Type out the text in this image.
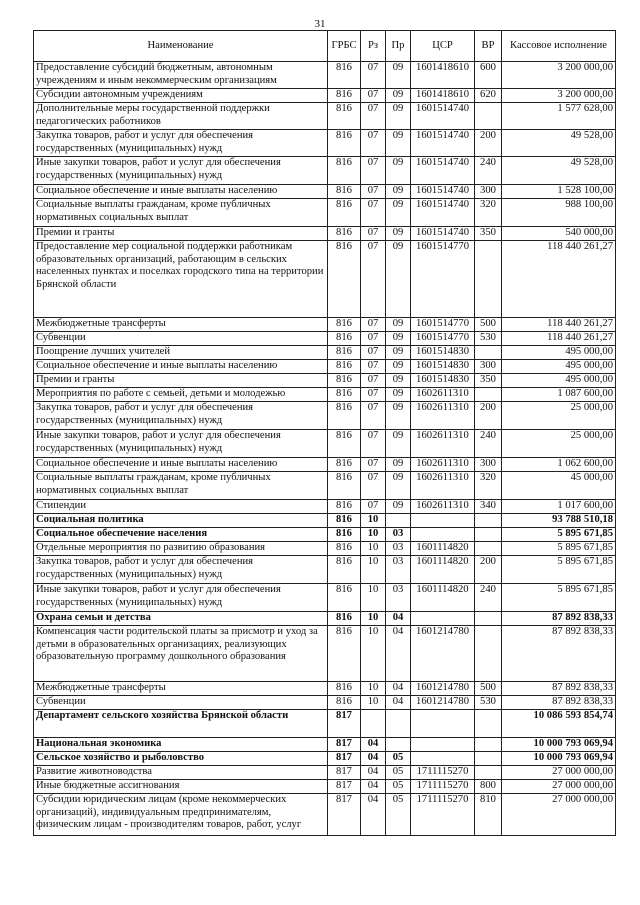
31
Наименование	ГРБС	Рз	Пр	ЦСР	ВР	Кассовое исполнение
Предоставление субсидий бюджетным, автономным учреждениям и иным некоммерческим организациям	816	07	09	1601418610	600	3 200 000,00
Субсидии автономным учреждениям	816	07	09	1601418610	620	3 200 000,00
Дополнительные меры государственной поддержки педагогических работников	816	07	09	1601514740		1 577 628,00
Закупка товаров, работ и услуг для обеспечения государственных (муниципальных) нужд	816	07	09	1601514740	200	49 528,00
Иные закупки товаров, работ и услуг для обеспечения государственных (муниципальных) нужд	816	07	09	1601514740	240	49 528,00
Социальное обеспечение и иные выплаты населению	816	07	09	1601514740	300	1 528 100,00
Социальные выплаты гражданам, кроме публичных нормативных социальных выплат	816	07	09	1601514740	320	988 100,00
Премии и гранты	816	07	09	1601514740	350	540 000,00
Предоставление мер социальной поддержки работникам образовательных организаций, работающим в сельских населенных пунктах и поселках городского типа на территории Брянской области	816	07	09	1601514770		118 440 261,27
Межбюджетные трансферты	816	07	09	1601514770	500	118 440 261,27
Субвенции	816	07	09	1601514770	530	118 440 261,27
Поощрение лучших учителей	816	07	09	1601514830		495 000,00
Социальное обеспечение и иные выплаты населению	816	07	09	1601514830	300	495 000,00
Премии и гранты	816	07	09	1601514830	350	495 000,00
Мероприятия по работе с семьей, детьми и молодежью	816	07	09	1602611310		1 087 600,00
Закупка товаров, работ и услуг для обеспечения государственных (муниципальных) нужд	816	07	09	1602611310	200	25 000,00
Иные закупки товаров, работ и услуг для обеспечения государственных (муниципальных) нужд	816	07	09	1602611310	240	25 000,00
Социальное обеспечение и иные выплаты населению	816	07	09	1602611310	300	1 062 600,00
Социальные выплаты гражданам, кроме публичных нормативных социальных выплат	816	07	09	1602611310	320	45 000,00
Стипендии	816	07	09	1602611310	340	1 017 600,00
Социальная политика	816	10				93 788 510,18
Социальное обеспечение населения	816	10	03			5 895 671,85
Отдельные мероприятия по развитию образования	816	10	03	1601114820		5 895 671,85
Закупка товаров, работ и услуг для обеспечения государственных (муниципальных) нужд	816	10	03	1601114820	200	5 895 671,85
Иные закупки товаров, работ и услуг для обеспечения государственных (муниципальных) нужд	816	10	03	1601114820	240	5 895 671,85
Охрана семьи и детства	816	10	04			87 892 838,33
Компенсация части родительской платы за присмотр и уход за детьми в образовательных организациях, реализующих образовательную программу дошкольного образования	816	10	04	1601214780		87 892 838,33
Межбюджетные трансферты	816	10	04	1601214780	500	87 892 838,33
Субвенции	816	10	04	1601214780	530	87 892 838,33
Департамент сельского хозяйства Брянской области	817					10 086 593 854,74
Национальная экономика	817	04				10 000 793 069,94
Сельское хозяйство и рыболовство	817	04	05			10 000 793 069,94
Развитие животноводства	817	04	05	1711115270		27 000 000,00
Иные бюджетные ассигнования	817	04	05	1711115270	800	27 000 000,00
Субсидии юридическим лицам (кроме некоммерческих организаций), индивидуальным предпринимателям, физическим лицам - производителям товаров, работ, услуг	817	04	05	1711115270	810	27 000 000,00
